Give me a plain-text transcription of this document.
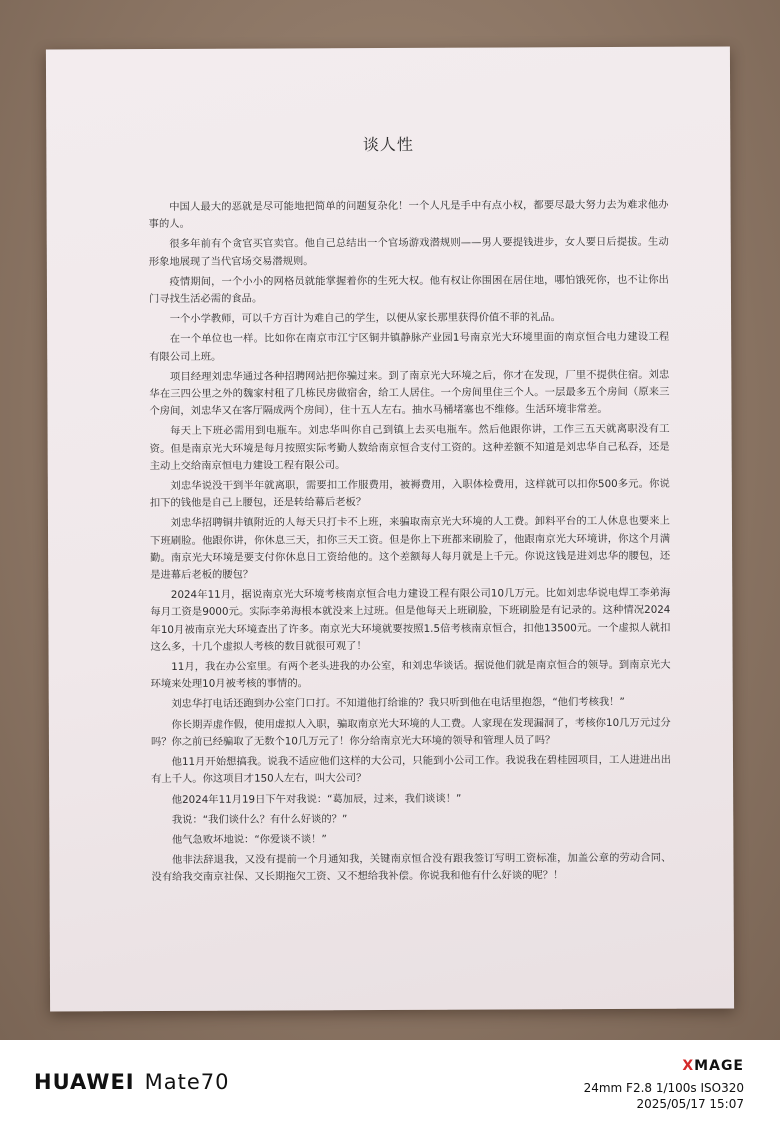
谈人性

中国人最大的恶就是尽可能地把简单的问题复杂化！一个人凡是手中有点小权，都要尽最大努力去为难求他办事的人。

很多年前有个贪官买官卖官。他自己总结出一个官场游戏潜规则——男人要提钱进步，女人要日后提拔。生动形象地展现了当代官场交易潜规则。

疫情期间，一个小小的网格员就能掌握着你的生死大权。他有权让你围困在居住地，哪怕饿死你，也不让你出门寻找生活必需的食品。

一个小学教师，可以千方百计为难自己的学生，以便从家长那里获得价值不菲的礼品。

在一个单位也一样。比如你在南京市江宁区铜井镇静脉产业园1号南京光大环境里面的南京恒合电力建设工程有限公司上班。

项目经理刘忠华通过各种招聘网站把你骗过来。到了南京光大环境之后，你才在发现，厂里不提供住宿。刘忠华在三四公里之外的魏家村租了几栋民房做宿舍，给工人居住。一个房间里住三个人。一层最多五个房间（原来三个房间，刘忠华又在客厅隔成两个房间），住十五人左右。抽水马桶堵塞也不维修。生活环境非常差。

每天上下班必需用到电瓶车。刘忠华叫你自己到镇上去买电瓶车。然后他跟你讲，工作三五天就离职没有工资。但是南京光大环境是每月按照实际考勤人数给南京恒合支付工资的。这种差额不知道是刘忠华自己私吞，还是主动上交给南京恒电力建设工程有限公司。

刘忠华说没干到半年就离职，需要扣工作服费用，被褥费用，入职体检费用，这样就可以扣你500多元。你说扣下的钱他是自己上腰包，还是转给幕后老板？

刘忠华招聘铜井镇附近的人每天只打卡不上班，来骗取南京光大环境的人工费。卸料平台的工人休息也要来上下班刷脸。他跟你讲，你休息三天，扣你三天工资。但是你上下班都来刷脸了，他跟南京光大环境讲，你这个月满勤。南京光大环境是要支付你休息日工资给他的。这个差额每人每月就是上千元。你说这钱是进刘忠华的腰包，还是进幕后老板的腰包？

2024年11月，据说南京光大环境考核南京恒合电力建设工程有限公司10几万元。比如刘忠华说电焊工李弟海每月工资是9000元。实际李弟海根本就没来上过班。但是他每天上班刷脸，下班刷脸是有记录的。这种情况2024年10月被南京光大环境查出了许多。南京光大环境就要按照1.5倍考核南京恒合，扣他13500元。一个虚拟人就扣这么多，十几个虚拟人考核的数目就很可观了！

11月，我在办公室里。有两个老头进我的办公室，和刘忠华谈话。据说他们就是南京恒合的领导。到南京光大环境来处理10月被考核的事情的。

刘忠华打电话还跑到办公室门口打。不知道他打给谁的？我只听到他在电话里抱怨，“他们考核我！”

你长期弄虚作假，使用虚拟人入职，骗取南京光大环境的人工费。人家现在发现漏洞了，考核你10几万元过分吗？你之前已经骗取了无数个10几万元了！你分给南京光大环境的领导和管理人员了吗？

他11月开始想搞我。说我不适应他们这样的大公司，只能到小公司工作。我说我在碧桂园项目，工人进进出出有上千人。你这项目才150人左右，叫大公司？

他2024年11月19日下午对我说：“葛加辰，过来，我们谈谈！”

我说：“我们谈什么？有什么好谈的？”

他气急败坏地说：“你爱谈不谈！”

他非法辞退我，又没有提前一个月通知我，关键南京恒合没有跟我签订写明工资标准，加盖公章的劳动合同、没有给我交南京社保、又长期拖欠工资、又不想给我补偿。你说我和他有什么好谈的呢？！

HUAWEI Mate70
XMAGE
24mm F2.8 1/100s ISO320
2025/05/17 15:07
